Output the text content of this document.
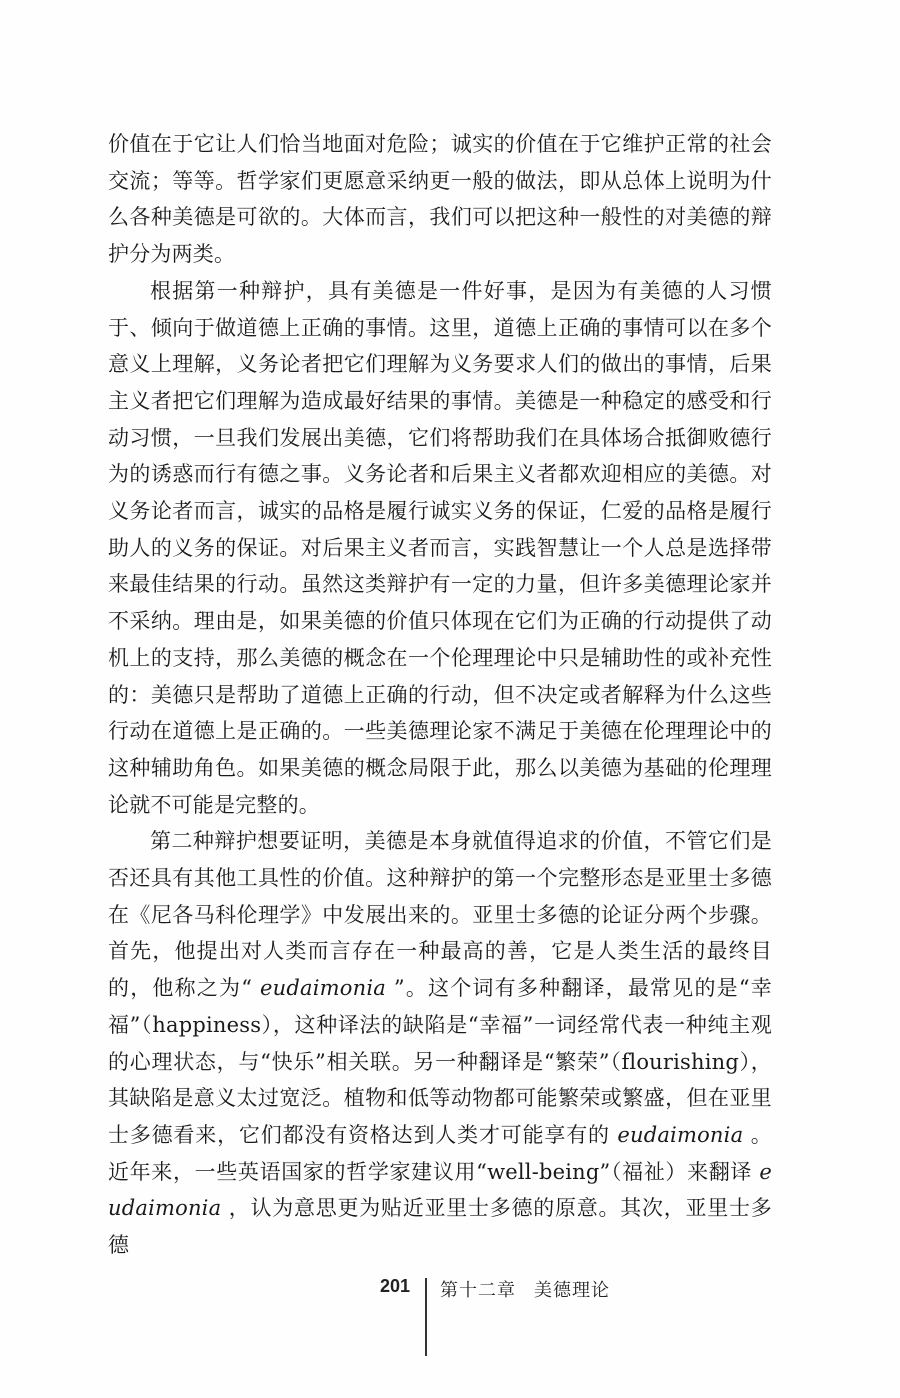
价值在于它让人们恰当地面对危险；诚实的价值在于它维护正常的社会交流；等等。哲学家们更愿意采纳更一般的做法，即从总体上说明为什么各种美德是可欲的。大体而言，我们可以把这种一般性的对美德的辩护分为两类。

根据第一种辩护，具有美德是一件好事，是因为有美德的人习惯于、倾向于做道德上正确的事情。这里，道德上正确的事情可以在多个意义上理解，义务论者把它们理解为义务要求人们的做出的事情，后果主义者把它们理解为造成最好结果的事情。美德是一种稳定的感受和行动习惯，一旦我们发展出美德，它们将帮助我们在具体场合抵御败德行为的诱惑而行有德之事。义务论者和后果主义者都欢迎相应的美德。对义务论者而言，诚实的品格是履行诚实义务的保证，仁爱的品格是履行助人的义务的保证。对后果主义者而言，实践智慧让一个人总是选择带来最佳结果的行动。虽然这类辩护有一定的力量，但许多美德理论家并不采纳。理由是，如果美德的价值只体现在它们为正确的行动提供了动机上的支持，那么美德的概念在一个伦理理论中只是辅助性的或补充性的：美德只是帮助了道德上正确的行动，但不决定或者解释为什么这些行动在道德上是正确的。一些美德理论家不满足于美德在伦理理论中的这种辅助角色。如果美德的概念局限于此，那么以美德为基础的伦理理论就不可能是完整的。

第二种辩护想要证明，美德是本身就值得追求的价值，不管它们是否还具有其他工具性的价值。这种辩护的第一个完整形态是亚里士多德在《尼各马科伦理学》中发展出来的。亚里士多德的论证分两个步骤。首先，他提出对人类而言存在一种最高的善，它是人类生活的最终目的，他称之为“ eudaimonia ”。这个词有多种翻译，最常见的是“幸福”（happiness），这种译法的缺陷是“幸福”一词经常代表一种纯主观的心理状态，与“快乐”相关联。另一种翻译是“繁荣”（flourishing），其缺陷是意义太过宽泛。植物和低等动物都可能繁荣或繁盛，但在亚里士多德看来，它们都没有资格达到人类才可能享有的 eudaimonia 。近年来，一些英语国家的哲学家建议用“well-being”（福祉）来翻译 eudaimonia ，认为意思更为贴近亚里士多德的原意。其次，亚里士多德

201 第十二章 美德理论
